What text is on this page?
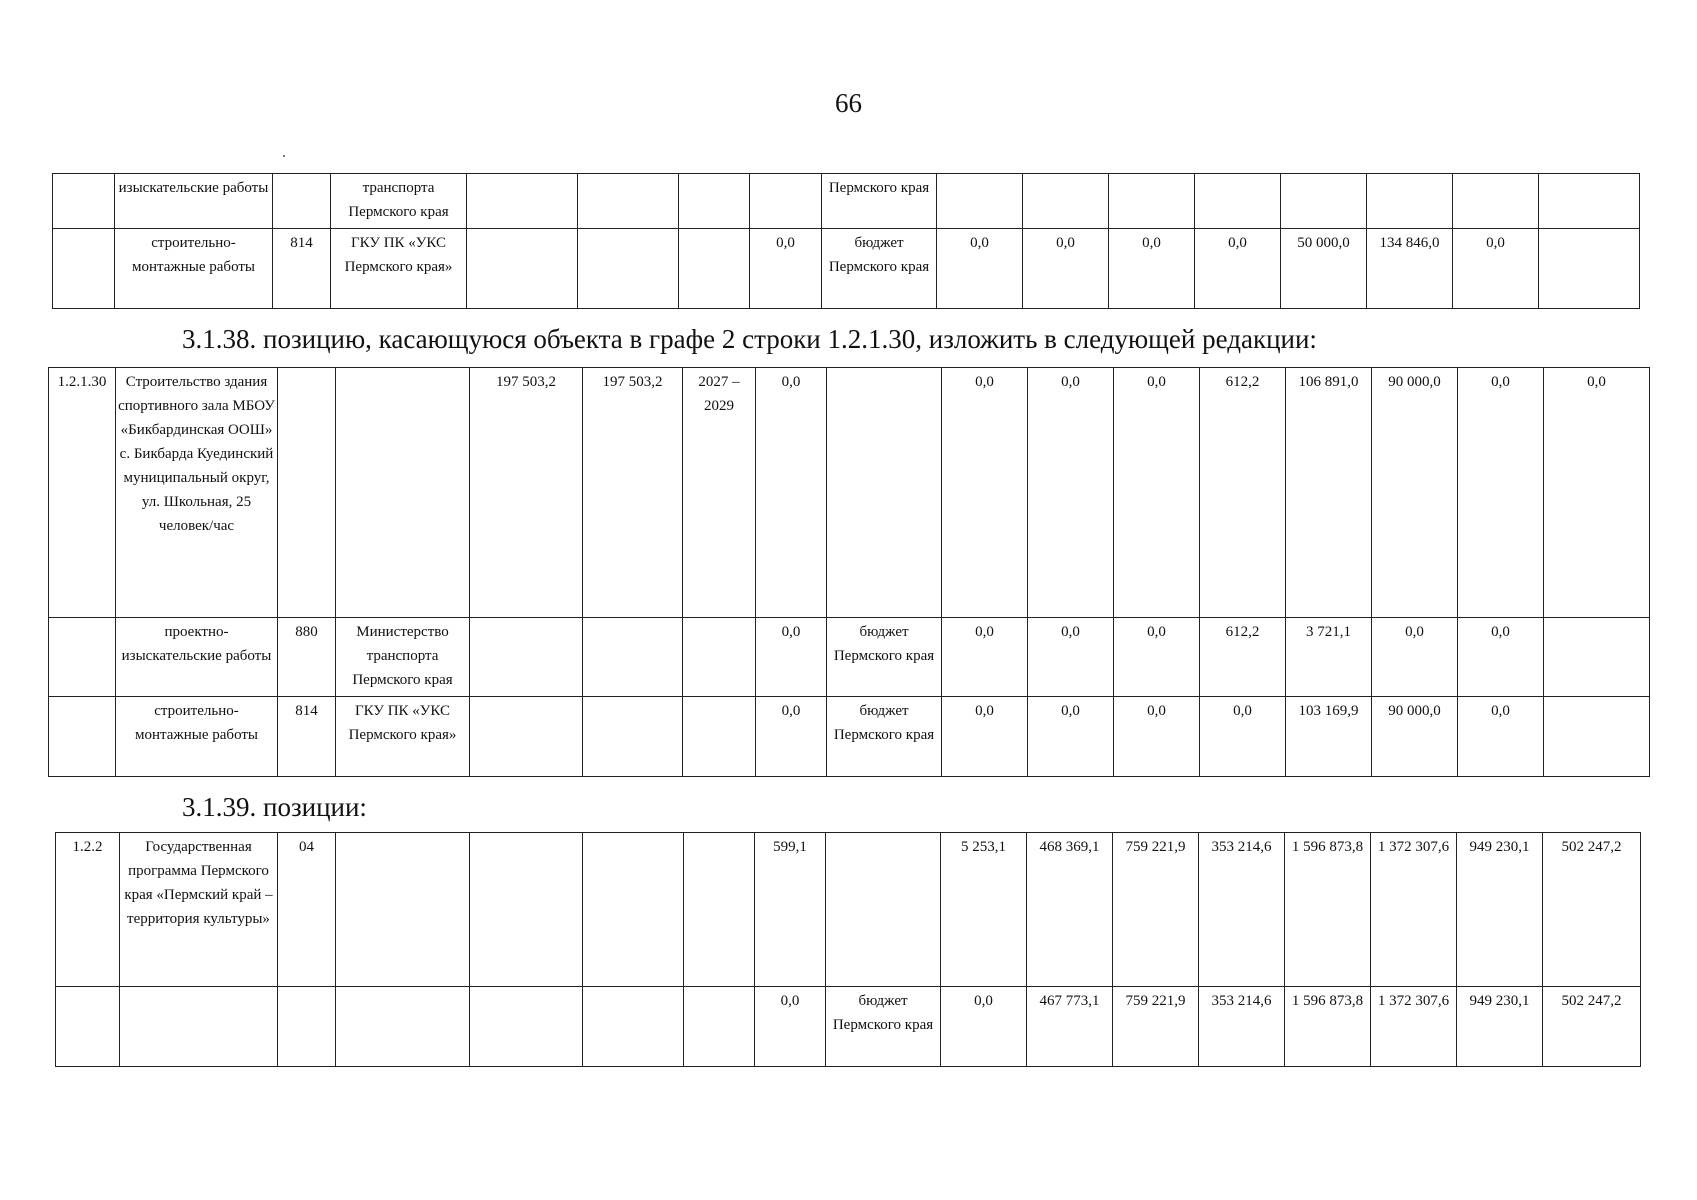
66
	изыскательские работы		транспорта Пермского края					Пермского края								
	строительно-монтажные работы	814	ГКУ ПК «УКС Пермского края»				0,0	бюджет Пермского края	0,0	0,0	0,0	0,0	50 000,0	134 846,0	0,0	
3.1.38. позицию, касающуюся объекта в графе 2 строки 1.2.1.30, изложить в следующей редакции:
1.2.1.30	Строительство здания спортивного зала МБОУ «Бикбардинская ООШ» с. Бикбарда Куединский муниципальный округ, ул. Школьная, 25 человек/час			197 503,2	197 503,2	2027 – 2029	0,0		0,0	0,0	0,0	612,2	106 891,0	90 000,0	0,0	0,0
	проектно-изыскательские работы	880	Министерство транспорта Пермского края				0,0	бюджет Пермского края	0,0	0,0	0,0	612,2	3 721,1	0,0	0,0	
	строительно-монтажные работы	814	ГКУ ПК «УКС Пермского края»				0,0	бюджет Пермского края	0,0	0,0	0,0	0,0	103 169,9	90 000,0	0,0	
3.1.39. позиции:
1.2.2	Государственная программа Пермского края «Пермский край – территория культуры»	04					599,1		5 253,1	468 369,1	759 221,9	353 214,6	1 596 873,8	1 372 307,6	949 230,1	502 247,2
							0,0	бюджет Пермского края	0,0	467 773,1	759 221,9	353 214,6	1 596 873,8	1 372 307,6	949 230,1	502 247,2
